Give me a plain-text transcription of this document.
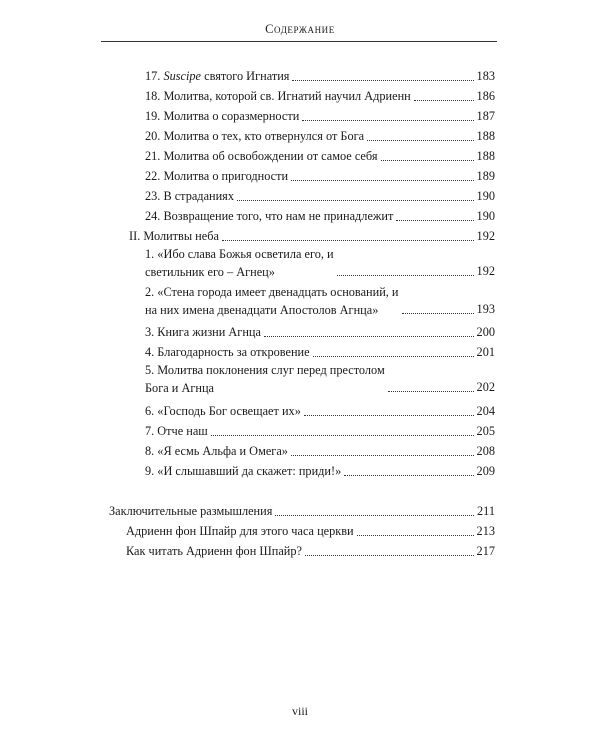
Содержание
17. Suscipe святого Игнатия	183
18. Молитва, которой св. Игнатий научил Адриенн	186
19. Молитва о соразмерности	187
20. Молитва о тех, кто отвернулся от Бога	188
21. Молитва об освобождении от самое себя	188
22. Молитва о пригодности	189
23. В страданиях	190
24. Возвращение того, что нам не принадлежит	190
II. Молитвы неба	192
1. «Ибо слава Божья осветила его, и
светильник его – Агнец»	192
2. «Стена города имеет двенадцать оснований, и
на них имена двенадцати Апостолов Агнца»	193
3. Книга жизни Агнца	200
4. Благодарность за откровение	201
5. Молитва поклонения слуг перед престолом
Бога и Агнца	202
6. «Господь Бог освещает их»	204
7. Отче наш	205
8. «Я есмь Альфа и Омега»	208
9. «И слышавший да скажет: приди!»	209
Заключительные размышления	211
Адриенн фон Шпайр для этого часа церкви	213
Как читать Адриенн фон Шпайр?	217
viii
